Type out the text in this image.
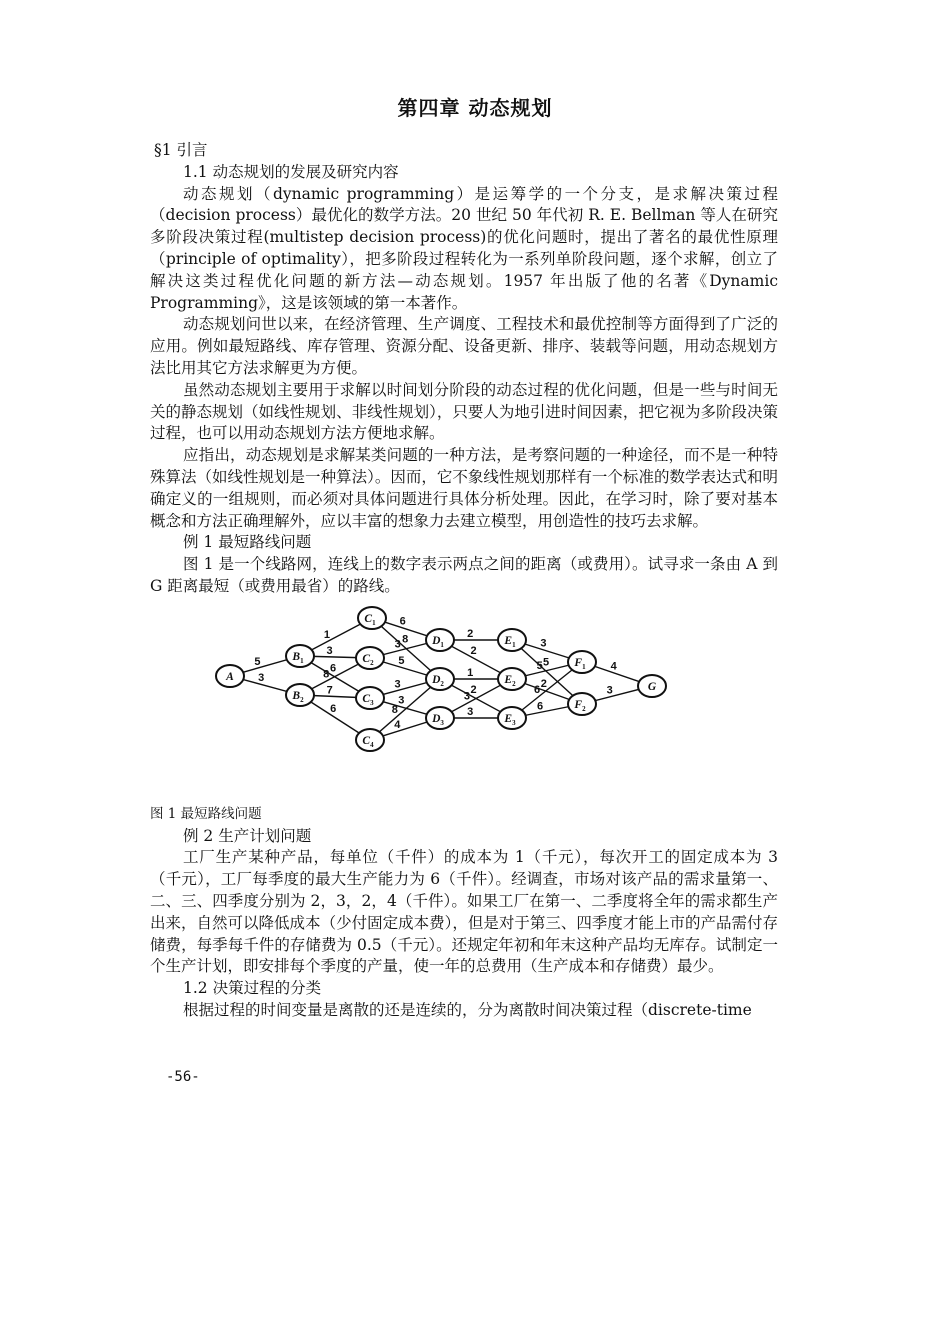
第四章 动态规划

§1 引言

1.1 动态规划的发展及研究内容

动态规划（dynamic programming）是运筹学的一个分支，是求解决策过程（decision process）最优化的数学方法。20 世纪 50 年代初 R. E. Bellman 等人在研究多阶段决策过程(multistep decision process)的优化问题时，提出了著名的最优性原理（principle of optimality），把多阶段过程转化为一系列单阶段问题，逐个求解，创立了解决这类过程优化问题的新方法—动态规划。1957 年出版了他的名著《Dynamic Programming》，这是该领域的第一本著作。

动态规划问世以来，在经济管理、生产调度、工程技术和最优控制等方面得到了广泛的应用。例如最短路线、库存管理、资源分配、设备更新、排序、装载等问题，用动态规划方法比用其它方法求解更为方便。

虽然动态规划主要用于求解以时间划分阶段的动态过程的优化问题，但是一些与时间无关的静态规划（如线性规划、非线性规划），只要人为地引进时间因素，把它视为多阶段决策过程，也可以用动态规划方法方便地求解。

应指出，动态规划是求解某类问题的一种方法，是考察问题的一种途径，而不是一种特殊算法（如线性规划是一种算法）。因而，它不象线性规划那样有一个标准的数学表达式和明确定义的一组规则，而必须对具体问题进行具体分析处理。因此，在学习时，除了要对基本概念和方法正确理解外，应以丰富的想象力去建立模型，用创造性的技巧去求解。

例 1 最短路线问题

图 1 是一个线路网，连线上的数字表示两点之间的距离（或费用）。试寻求一条由 A 到 G 距离最短（或费用最省）的路线。

5
3
1
3
6
8
7
6
6
8
3
5
3
3
8
4
2
2
1
2
3
3
3
5
5
2
6
6
4
3
A
$B_1$
$B_2$
$C_1$
$C_2$
$C_3$
$C_4$
$D_1$
$D_2$
$D_3$
$E_1$
$E_2$
$E_3$
$F_1$
$F_2$
G

图 1 最短路线问题

例 2 生产计划问题

工厂生产某种产品，每单位（千件）的成本为 1（千元），每次开工的固定成本为 3（千元），工厂每季度的最大生产能力为 6（千件）。经调查，市场对该产品的需求量第一、二、三、四季度分别为 2，3，2，4（千件）。如果工厂在第一、二季度将全年的需求都生产出来，自然可以降低成本（少付固定成本费），但是对于第三、四季度才能上市的产品需付存储费，每季每千件的存储费为 0.5（千元）。还规定年初和年末这种产品均无库存。试制定一个生产计划，即安排每个季度的产量，使一年的总费用（生产成本和存储费）最少。

1.2 决策过程的分类

根据过程的时间变量是离散的还是连续的，分为离散时间决策过程（discrete-time

-56-
